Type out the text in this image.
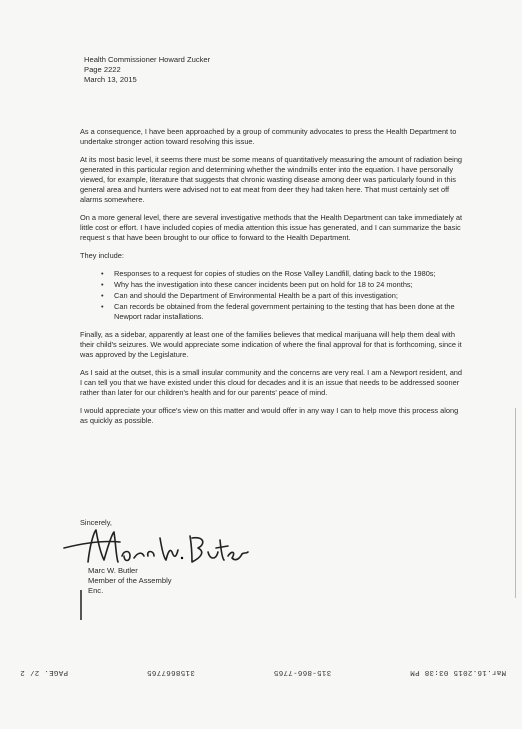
Health Commissioner Howard Zucker
Page 2222
March 13, 2015

As a consequence, I have been approached by a group of community advocates to press the Health Department to undertake stronger action toward resolving this issue.

At its most basic level, it seems there must be some means of quantitatively measuring the amount of radiation being generated in this particular region and determining whether the windmills enter into the equation. I have personally viewed, for example, literature that suggests that chronic wasting disease among deer was particularly found in this general area and hunters were advised not to eat meat from deer they had taken here. That must certainly set off alarms somewhere.

On a more general level, there are several investigative methods that the Health Department can take immediately at little cost or effort. I have included copies of media attention this issue has generated, and I can summarize the basic request s that have been brought to our office to forward to the Health Department.

They include:

• Responses to a request for copies of studies on the Rose Valley Landfill, dating back to the 1980s;
• Why has the investigation into these cancer incidents been put on hold for 18 to 24 months;
• Can and should the Department of Environmental Health be a part of this investigation;
• Can records be obtained from the federal government pertaining to the testing that has been done at the Newport radar installations.

Finally, as a sidebar, apparently at least one of the families believes that medical marijuana will help them deal with their child's seizures. We would appreciate some indication of where the final approval for that is forthcoming, since it was approved by the Legislature.

As I said at the outset, this is a small insular community and the concerns are very real. I am a Newport resident, and I can tell you that we have existed under this cloud for decades and it is an issue that needs to be addressed sooner rather than later for our children's health and for our parents' peace of mind.

I would appreciate your office's view on this matter and would offer in any way I can to help move this process along as quickly as possible.

Sincerely,
Marc W. Butler
Member of the Assembly
Enc.
Mar.16.2015 03:38 PM
315-866-7765
3158667765
PAGE. 2/ 2
